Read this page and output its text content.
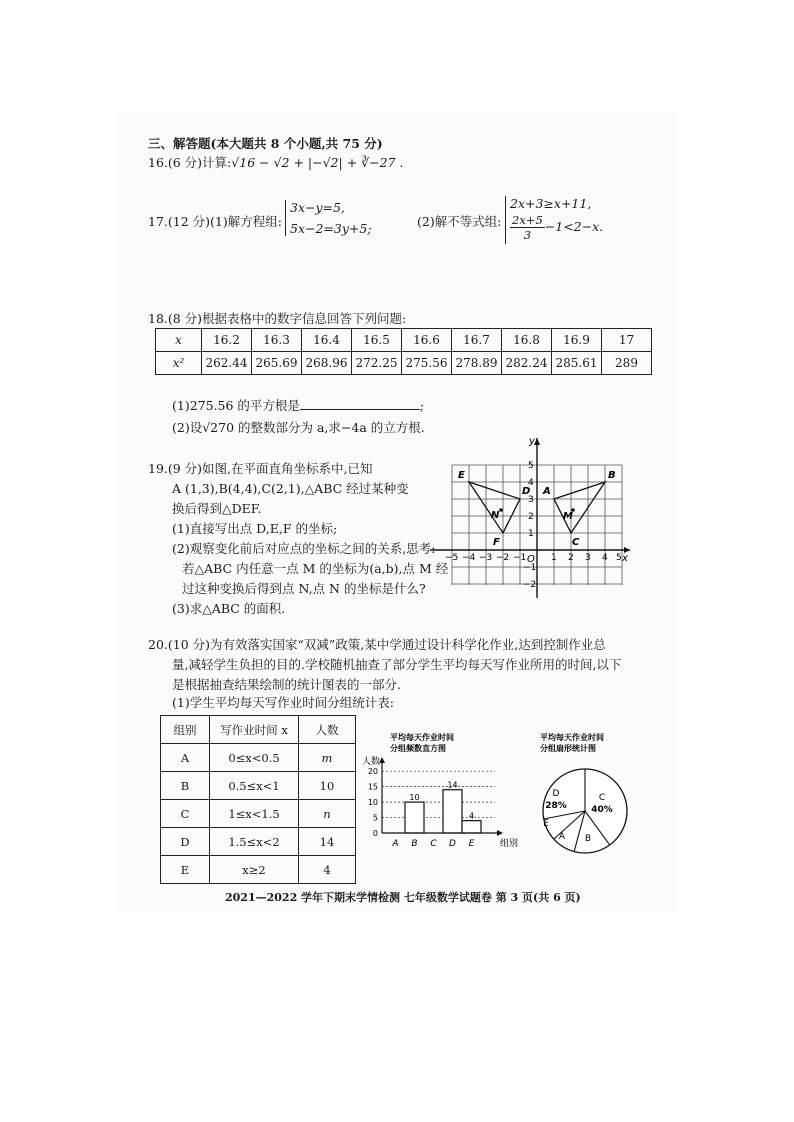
三、解答题(本大题共 8 个小题,共 75 分)
16.(6 分)计算:√16 − √2 + |−√2| + ∛−27 .
17.(12 分)(1)解方程组:
3x−y=5,
5x−2=3y+5;	(2)解不等式组:
2x+3≥x+11,
$\frac{2x+5}{3} -1<2-x$.
18.(8 分)根据表格中的数字信息回答下列问题:
x	16.2	16.3	16.4	16.5	16.6	16.7	16.8	16.9	17
x²	262.44	265.69	268.96	272.25	275.56	278.89	282.24	285.61	289
(1)275.56 的平方根是	;
(2)设√270 的整数部分为 a,求−4a 的立方根.
19.(9 分)如图,在平面直角坐标系中,已知
A (1,3),B(4,4),C(2,1),△ABC 经过某种变
换后得到△DEF.
(1)直接写出点 D,E,F 的坐标;
(2)观察变化前后对应点的坐标之间的关系,思考:
若△ABC 内任意一点 M 的坐标为(a,b),点 M 经
过这种变换后得到点 N,点 N 的坐标是什么?
(3)求△ABC 的面积.
x
y
O
−5 −4 −3 −2 −1	1 2 3 4 5
5
4
3
2
1
−1
−2
A
B
C
D
E
F
M
N
20.(10 分)为有效落实国家“双减”政策,某中学通过设计科学化作业,达到控制作业总
量,减轻学生负担的目的.学校随机抽查了部分学生平均每天写作业所用的时间,以下
是根据抽查结果绘制的统计图表的一部分.
(1)学生平均每天写作业时间分组统计表:
组别	写作业时间 x	人数
A	0≤x<0.5	m
B	0.5≤x<1	10
C	1≤x<1.5	n
D	1.5≤x<2	14
E	x≥2	4
平均每天作业时间
分组频数直方图
人数
组别
10
14
4
0
5
10
15
20
A B C D E
平均每天作业时间
分组扇形统计图
C
40%
B
A
E
D
28%
2021—2022 学年下期末学情检测 七年级数学试题卷 第 3 页(共 6 页)
